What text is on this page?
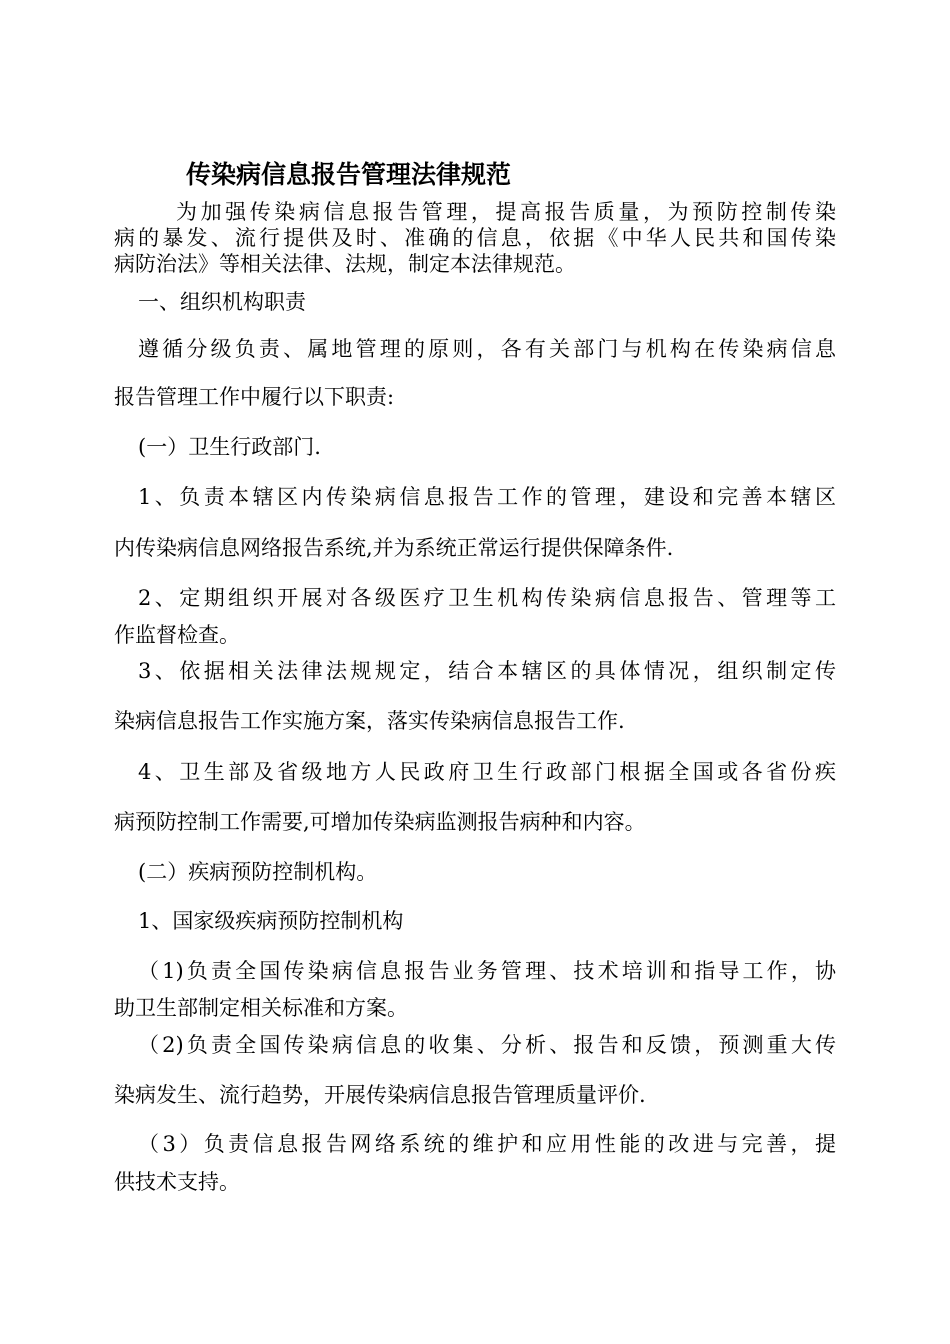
传染病信息报告管理法律规范
为加强传染病信息报告管理，提高报告质量，为预防控制传染
病的暴发、流行提供及时、准确的信息，依据《中华人民共和国传染
病防治法》等相关法律、法规，制定本法律规范。
一、组织机构职责
遵循分级负责、属地管理的原则，各有关部门与机构在传染病信息
报告管理工作中履行以下职责:
(一）卫生行政部门.
1、负责本辖区内传染病信息报告工作的管理，建设和完善本辖区
内传染病信息网络报告系统,并为系统正常运行提供保障条件.
2、定期组织开展对各级医疗卫生机构传染病信息报告、管理等工
作监督检查。
3、依据相关法律法规规定，结合本辖区的具体情况，组织制定传
染病信息报告工作实施方案，落实传染病信息报告工作.
4、卫生部及省级地方人民政府卫生行政部门根据全国或各省份疾
病预防控制工作需要,可增加传染病监测报告病种和内容。
(二）疾病预防控制机构。
1、国家级疾病预防控制机构
（1)负责全国传染病信息报告业务管理、技术培训和指导工作，协
助卫生部制定相关标准和方案。
（2)负责全国传染病信息的收集、分析、报告和反馈，预测重大传
染病发生、流行趋势，开展传染病信息报告管理质量评价.
（3）负责信息报告网络系统的维护和应用性能的改进与完善，提
供技术支持。
